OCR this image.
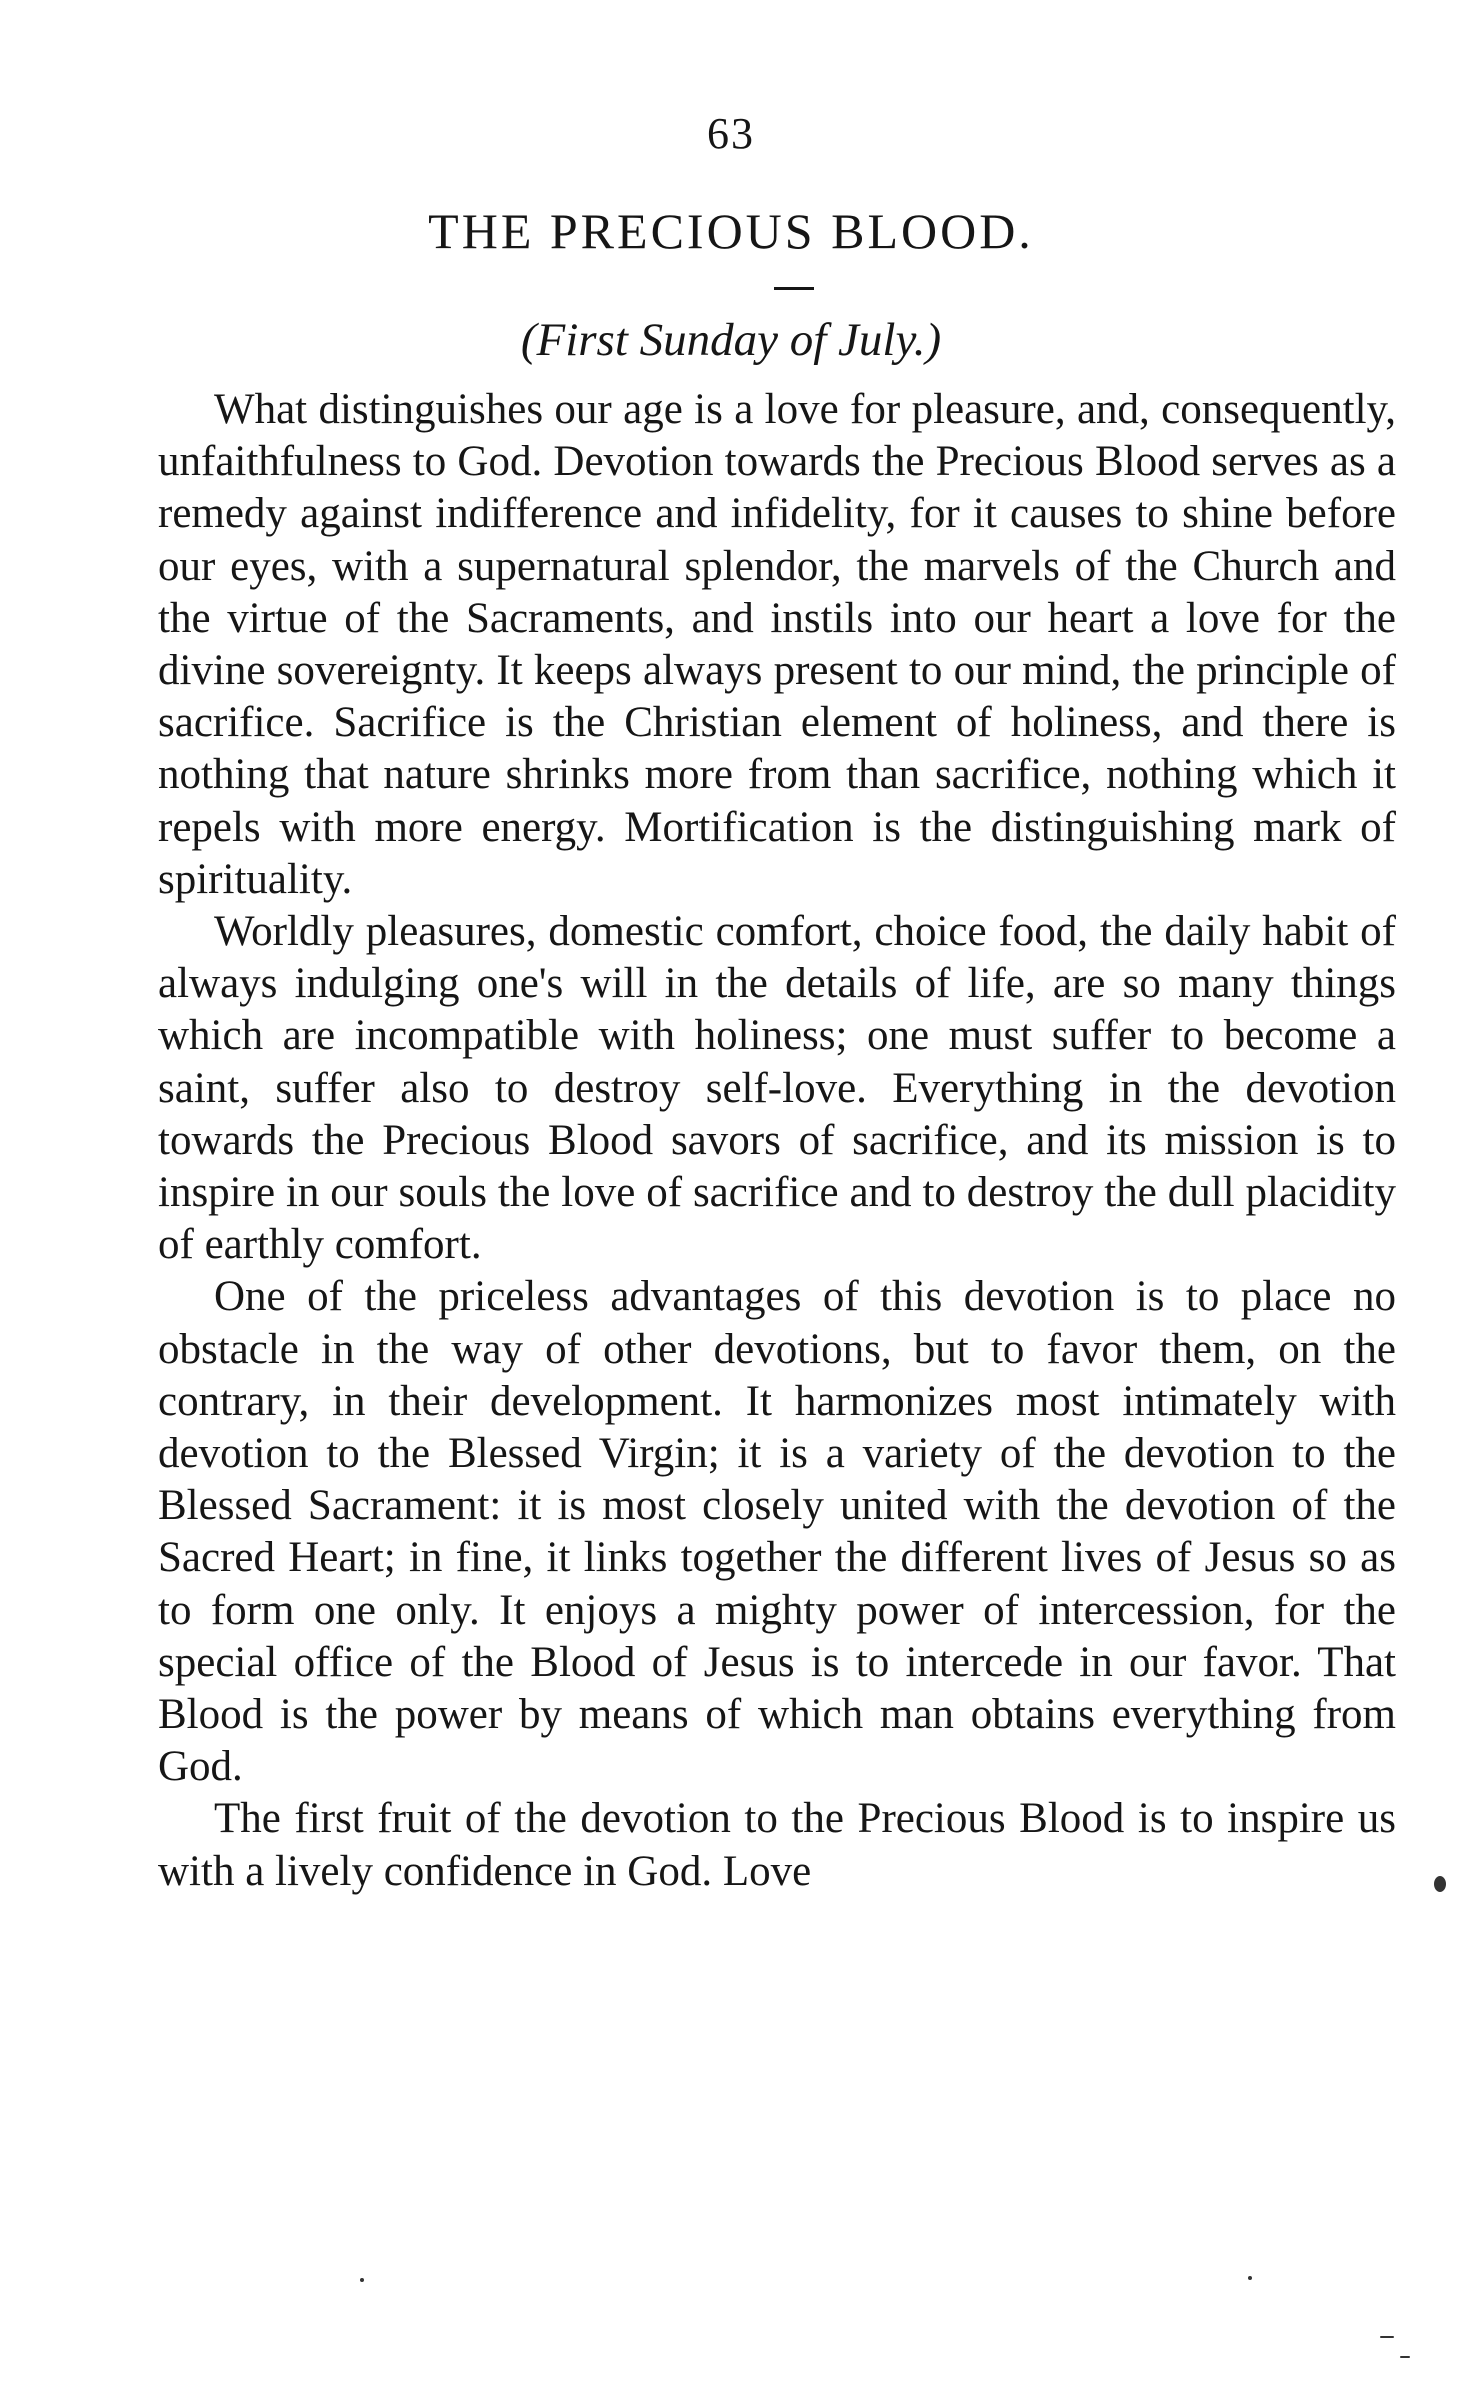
63
THE PRECIOUS BLOOD.
(First Sunday of July.)

What distinguishes our age is a love for pleasure, and, consequently, unfaithfulness to God. Devotion towards the Precious Blood serves as a remedy against indifference and infidelity, for it causes to shine before our eyes, with a supernatural splendor, the marvels of the Church and the virtue of the Sacraments, and instils into our heart a love for the divine sovereignty. It keeps always present to our mind, the principle of sacrifice. Sacrifice is the Christian element of holiness, and there is nothing that nature shrinks more from than sacrifice, nothing which it repels with more energy. Mortification is the distinguishing mark of spirituality.

Worldly pleasures, domestic comfort, choice food, the daily habit of always indulging one's will in the details of life, are so many things which are incompatible with holiness; one must suffer to become a saint, suffer also to destroy self-love. Everything in the devotion towards the Precious Blood savors of sacrifice, and its mission is to inspire in our souls the love of sacrifice and to destroy the dull placidity of earthly comfort.

One of the priceless advantages of this devotion is to place no obstacle in the way of other devotions, but to favor them, on the contrary, in their development. It harmonizes most intimately with devotion to the Blessed Virgin; it is a variety of the devotion to the Blessed Sacrament: it is most closely united with the devotion of the Sacred Heart; in fine, it links together the different lives of Jesus so as to form one only. It enjoys a mighty power of intercession, for the special office of the Blood of Jesus is to intercede in our favor. That Blood is the power by means of which man obtains everything from God.

The first fruit of the devotion to the Precious Blood is to inspire us with a lively confidence in God. Love
